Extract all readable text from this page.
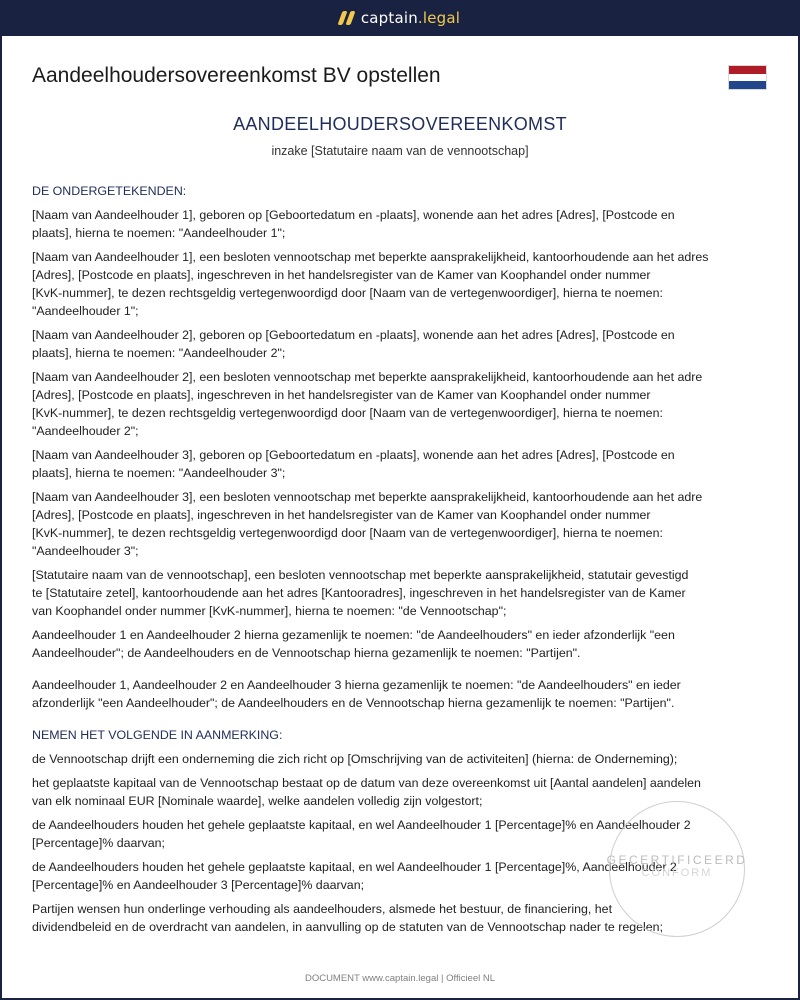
captain.legal
Aandeelhoudersovereenkomst BV opstellen
AANDEELHOUDERSOVEREENKOMST
inzake [Statutaire naam van de vennootschap]

DE ONDERGETEKENDEN:

[Naam van Aandeelhouder 1], geboren op [Geboortedatum en -plaats], wonende aan het adres [Adres], [Postcode en
plaats], hierna te noemen: "Aandeelhouder 1";

[Naam van Aandeelhouder 1], een besloten vennootschap met beperkte aansprakelijkheid, kantoorhoudende aan het adres
[Adres], [Postcode en plaats], ingeschreven in het handelsregister van de Kamer van Koophandel onder nummer
[KvK-nummer], te dezen rechtsgeldig vertegenwoordigd door [Naam van de vertegenwoordiger], hierna te noemen:
"Aandeelhouder 1";

[Naam van Aandeelhouder 2], geboren op [Geboortedatum en -plaats], wonende aan het adres [Adres], [Postcode en
plaats], hierna te noemen: "Aandeelhouder 2";

[Naam van Aandeelhouder 2], een besloten vennootschap met beperkte aansprakelijkheid, kantoorhoudende aan het adre
[Adres], [Postcode en plaats], ingeschreven in het handelsregister van de Kamer van Koophandel onder nummer
[KvK-nummer], te dezen rechtsgeldig vertegenwoordigd door [Naam van de vertegenwoordiger], hierna te noemen:
"Aandeelhouder 2";

[Naam van Aandeelhouder 3], geboren op [Geboortedatum en -plaats], wonende aan het adres [Adres], [Postcode en
plaats], hierna te noemen: "Aandeelhouder 3";

[Naam van Aandeelhouder 3], een besloten vennootschap met beperkte aansprakelijkheid, kantoorhoudende aan het adre
[Adres], [Postcode en plaats], ingeschreven in het handelsregister van de Kamer van Koophandel onder nummer
[KvK-nummer], te dezen rechtsgeldig vertegenwoordigd door [Naam van de vertegenwoordiger], hierna te noemen:
"Aandeelhouder 3";

[Statutaire naam van de vennootschap], een besloten vennootschap met beperkte aansprakelijkheid, statutair gevestigd
te [Statutaire zetel], kantoorhoudende aan het adres [Kantooradres], ingeschreven in het handelsregister van de Kamer
van Koophandel onder nummer [KvK-nummer], hierna te noemen: "de Vennootschap";

Aandeelhouder 1 en Aandeelhouder 2 hierna gezamenlijk te noemen: "de Aandeelhouders" en ieder afzonderlijk "een
Aandeelhouder"; de Aandeelhouders en de Vennootschap hierna gezamenlijk te noemen: "Partijen".

Aandeelhouder 1, Aandeelhouder 2 en Aandeelhouder 3 hierna gezamenlijk te noemen: "de Aandeelhouders" en ieder
afzonderlijk "een Aandeelhouder"; de Aandeelhouders en de Vennootschap hierna gezamenlijk te noemen: "Partijen".

NEMEN HET VOLGENDE IN AANMERKING:

de Vennootschap drijft een onderneming die zich richt op [Omschrijving van de activiteiten] (hierna: de Onderneming);

het geplaatste kapitaal van de Vennootschap bestaat op de datum van deze overeenkomst uit [Aantal aandelen] aandelen
van elk nominaal EUR [Nominale waarde], welke aandelen volledig zijn volgestort;

de Aandeelhouders houden het gehele geplaatste kapitaal, en wel Aandeelhouder 1 [Percentage]% en Aandeelhouder 2
[Percentage]% daarvan;

de Aandeelhouders houden het gehele geplaatste kapitaal, en wel Aandeelhouder 1 [Percentage]%, Aandeelhouder 2
[Percentage]% en Aandeelhouder 3 [Percentage]% daarvan;

Partijen wensen hun onderlinge verhouding als aandeelhouders, alsmede het bestuur, de financiering, het
dividendbeleid en de overdracht van aandelen, in aanvulling op de statuten van de Vennootschap nader te regelen;

GECERTIFICEERD
CONFORM
DOCUMENT www.captain.legal | Officieel NL
